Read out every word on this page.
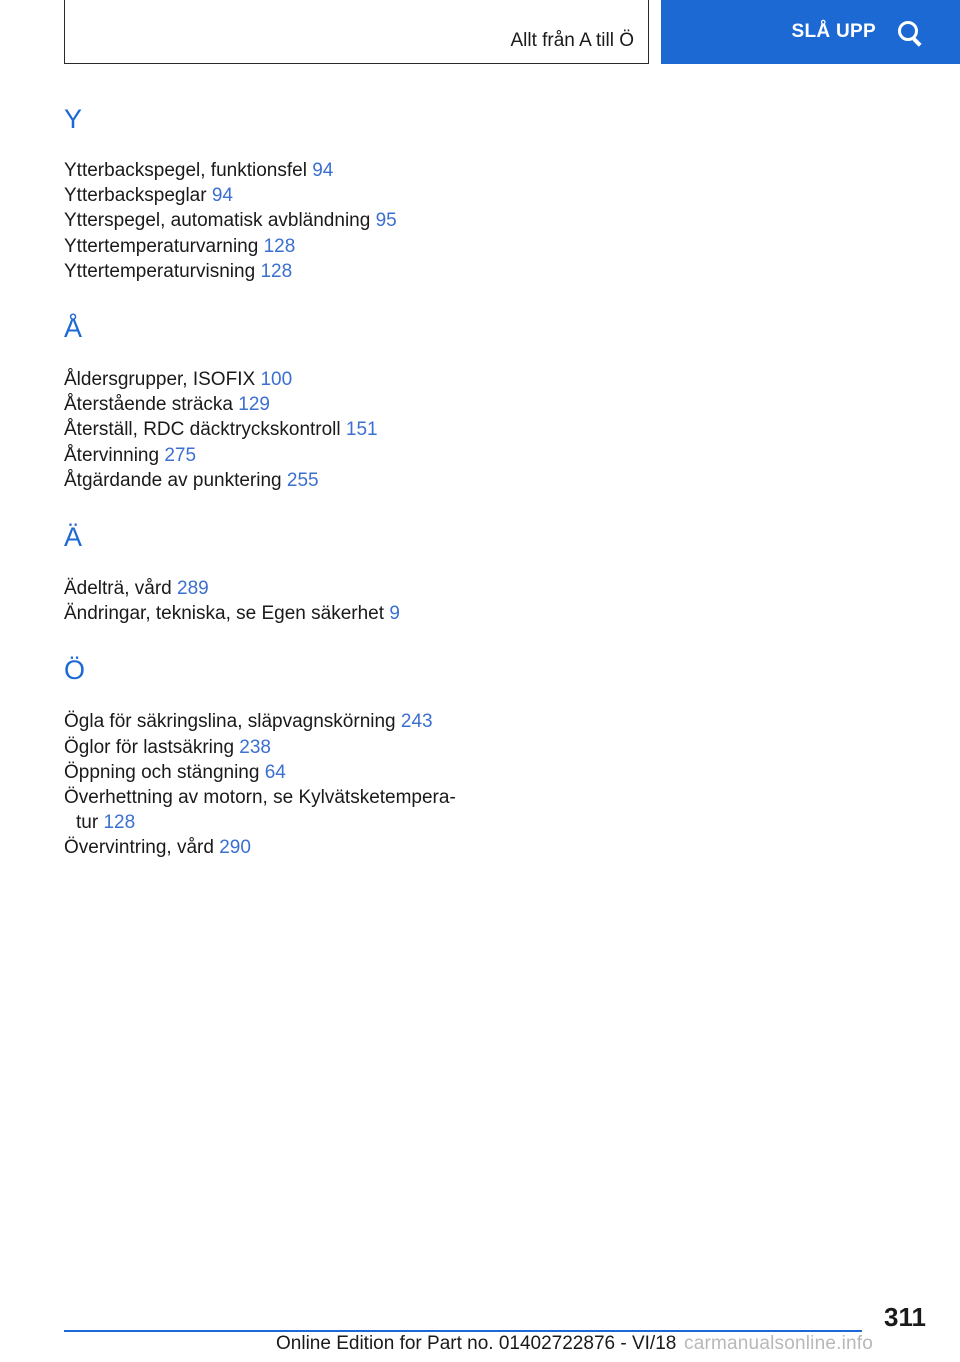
Allt från A till Ö	SLÅ UPP
Y
Ytterbackspegel, funktionsfel 94
Ytterbackspeglar 94
Ytterspegel, automatisk avbländning 95
Yttertemperaturvarning 128
Yttertemperaturvisning 128
Å
Åldersgrupper, ISOFIX 100
Återstående sträcka 129
Återställ, RDC däcktryckskontroll 151
Återvinning 275
Åtgärdande av punktering 255
Ä
Ädelträ, vård 289
Ändringar, tekniska, se Egen säkerhet 9
Ö
Ögla för säkringslina, släpvagnskörning 243
Öglor för lastsäkring 238
Öppning och stängning 64
Överhettning av motorn, se Kylvätsketempera-
tur 128
Övervintring, vård 290
311
Online Edition for Part no. 01402722876 - VI/18 carmanualsonline.info
